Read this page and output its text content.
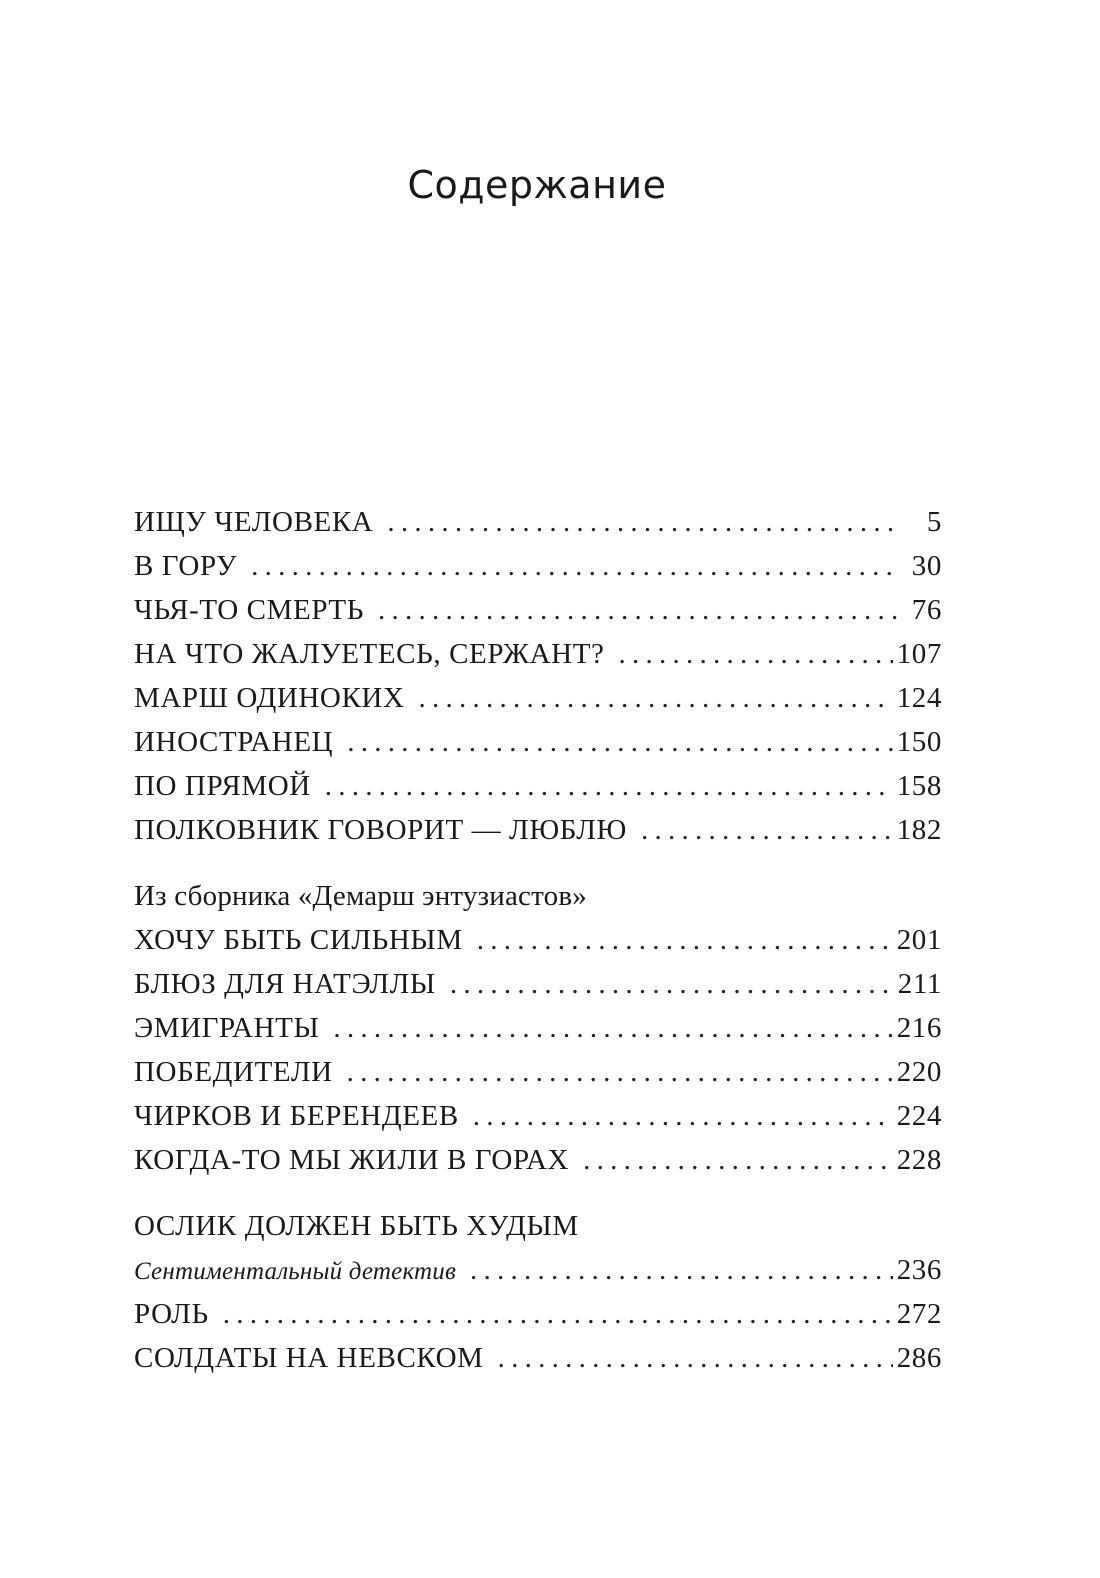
Содержание
ИЩУ ЧЕЛОВЕКА . . .	5
В ГОРУ . . .	30
ЧЬЯ-ТО СМЕРТЬ . . .	76
НА ЧТО ЖАЛУЕТЕСЬ, СЕРЖАНТ? . . .	107
МАРШ ОДИНОКИХ . . .	124
ИНОСТРАНЕЦ . . .	150
ПО ПРЯМОЙ . . .	158
ПОЛКОВНИК ГОВОРИТ — ЛЮБЛЮ . . .	182
Из сборника «Демарш энтузиастов»
ХОЧУ БЫТЬ СИЛЬНЫМ . . .	201
БЛЮЗ ДЛЯ НАТЭЛЛЫ . . .	211
ЭМИГРАНТЫ . . .	216
ПОБЕДИТЕЛИ . . .	220
ЧИРКОВ И БЕРЕНДЕЕВ . . .	224
КОГДА-ТО МЫ ЖИЛИ В ГОРАХ . . .	228
ОСЛИК ДОЛЖЕН БЫТЬ ХУДЫМ
Сентиментальный детектив . . .	236
РОЛЬ . . .	272
СОЛДАТЫ НА НЕВСКОМ . . .	286
